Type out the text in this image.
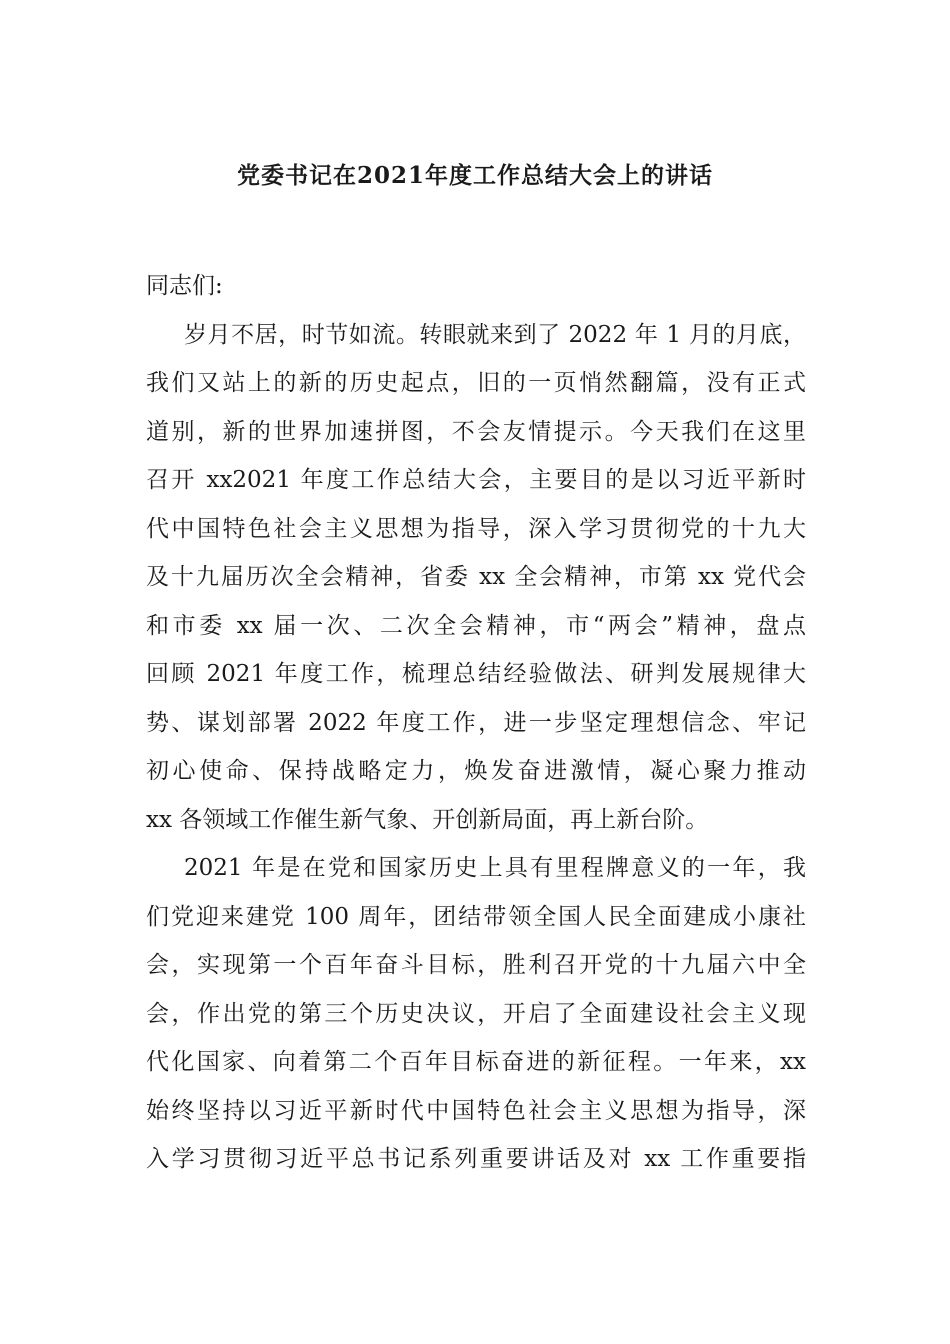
党委书记在2021年度工作总结大会上的讲话
同志们:
岁月不居，时节如流。转眼就来到了 2022 年 1 月的月底，
我们又站上的新的历史起点，旧的一页悄然翻篇，没有正式
道别，新的世界加速拼图，不会友情提示。今天我们在这里
召开 xx2021 年度工作总结大会，主要目的是以习近平新时
代中国特色社会主义思想为指导，深入学习贯彻党的十九大
及十九届历次全会精神，省委 xx 全会精神，市第 xx 党代会
和市委 xx 届一次、二次全会精神，市“两会”精神，盘点
回顾 2021 年度工作，梳理总结经验做法、研判发展规律大
势、谋划部署 2022 年度工作，进一步坚定理想信念、牢记
初心使命、保持战略定力，焕发奋进激情，凝心聚力推动
xx 各领域工作催生新气象、开创新局面，再上新台阶。
2021 年是在党和国家历史上具有里程牌意义的一年，我
们党迎来建党 100 周年，团结带领全国人民全面建成小康社
会，实现第一个百年奋斗目标，胜利召开党的十九届六中全
会，作出党的第三个历史决议，开启了全面建设社会主义现
代化国家、向着第二个百年目标奋进的新征程。一年来，xx
始终坚持以习近平新时代中国特色社会主义思想为指导，深
入学习贯彻习近平总书记系列重要讲话及对 xx 工作重要指
